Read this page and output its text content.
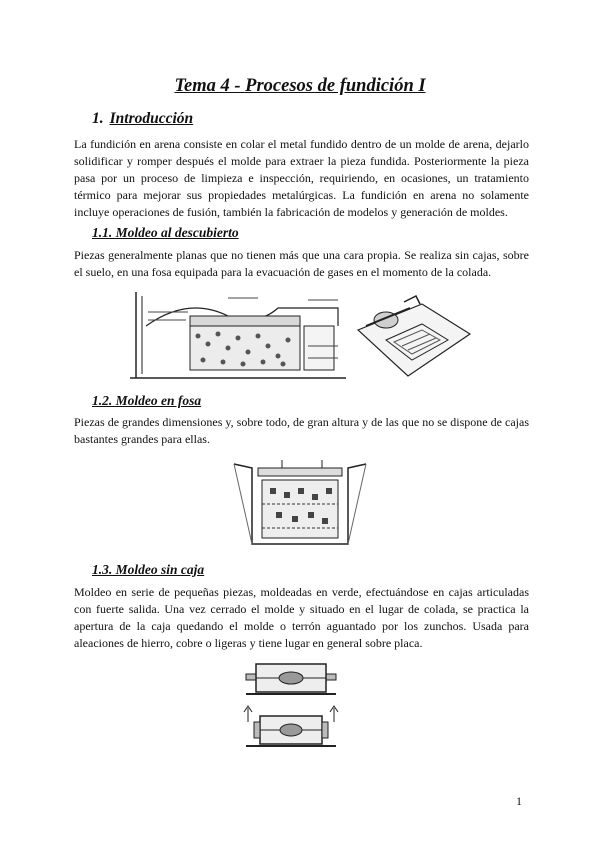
Tema 4 - Procesos de fundición I
1. Introducción

La fundición en arena consiste en colar el metal fundido dentro de un molde de arena, dejarlo solidificar y romper después el molde para extraer la pieza fundida. Posteriormente la pieza pasa por un proceso de limpieza e inspección, requiriendo, en ocasiones, un tratamiento térmico para mejorar sus propiedades metalúrgicas. La fundición en arena no solamente incluye operaciones de fusión, también la fabricación de modelos y generación de moldes.

1.1. Moldeo al descubierto

Piezas generalmente planas que no tienen más que una cara propia. Se realiza sin cajas, sobre el suelo, en una fosa equipada para la evacuación de gases en el momento de la colada.

1.2. Moldeo en fosa

Piezas de grandes dimensiones y, sobre todo, de gran altura y de las que no se dispone de cajas bastantes grandes para ellas.

1.3. Moldeo sin caja

Moldeo en serie de pequeñas piezas, moldeadas en verde, efectuándose en cajas articuladas con fuerte salida. Una vez cerrado el molde y situado en el lugar de colada, se practica la apertura de la caja quedando el molde o terrón aguantado por los zunchos. Usada para aleaciones de hierro, cobre o ligeras y tiene lugar en general sobre placa.

1
